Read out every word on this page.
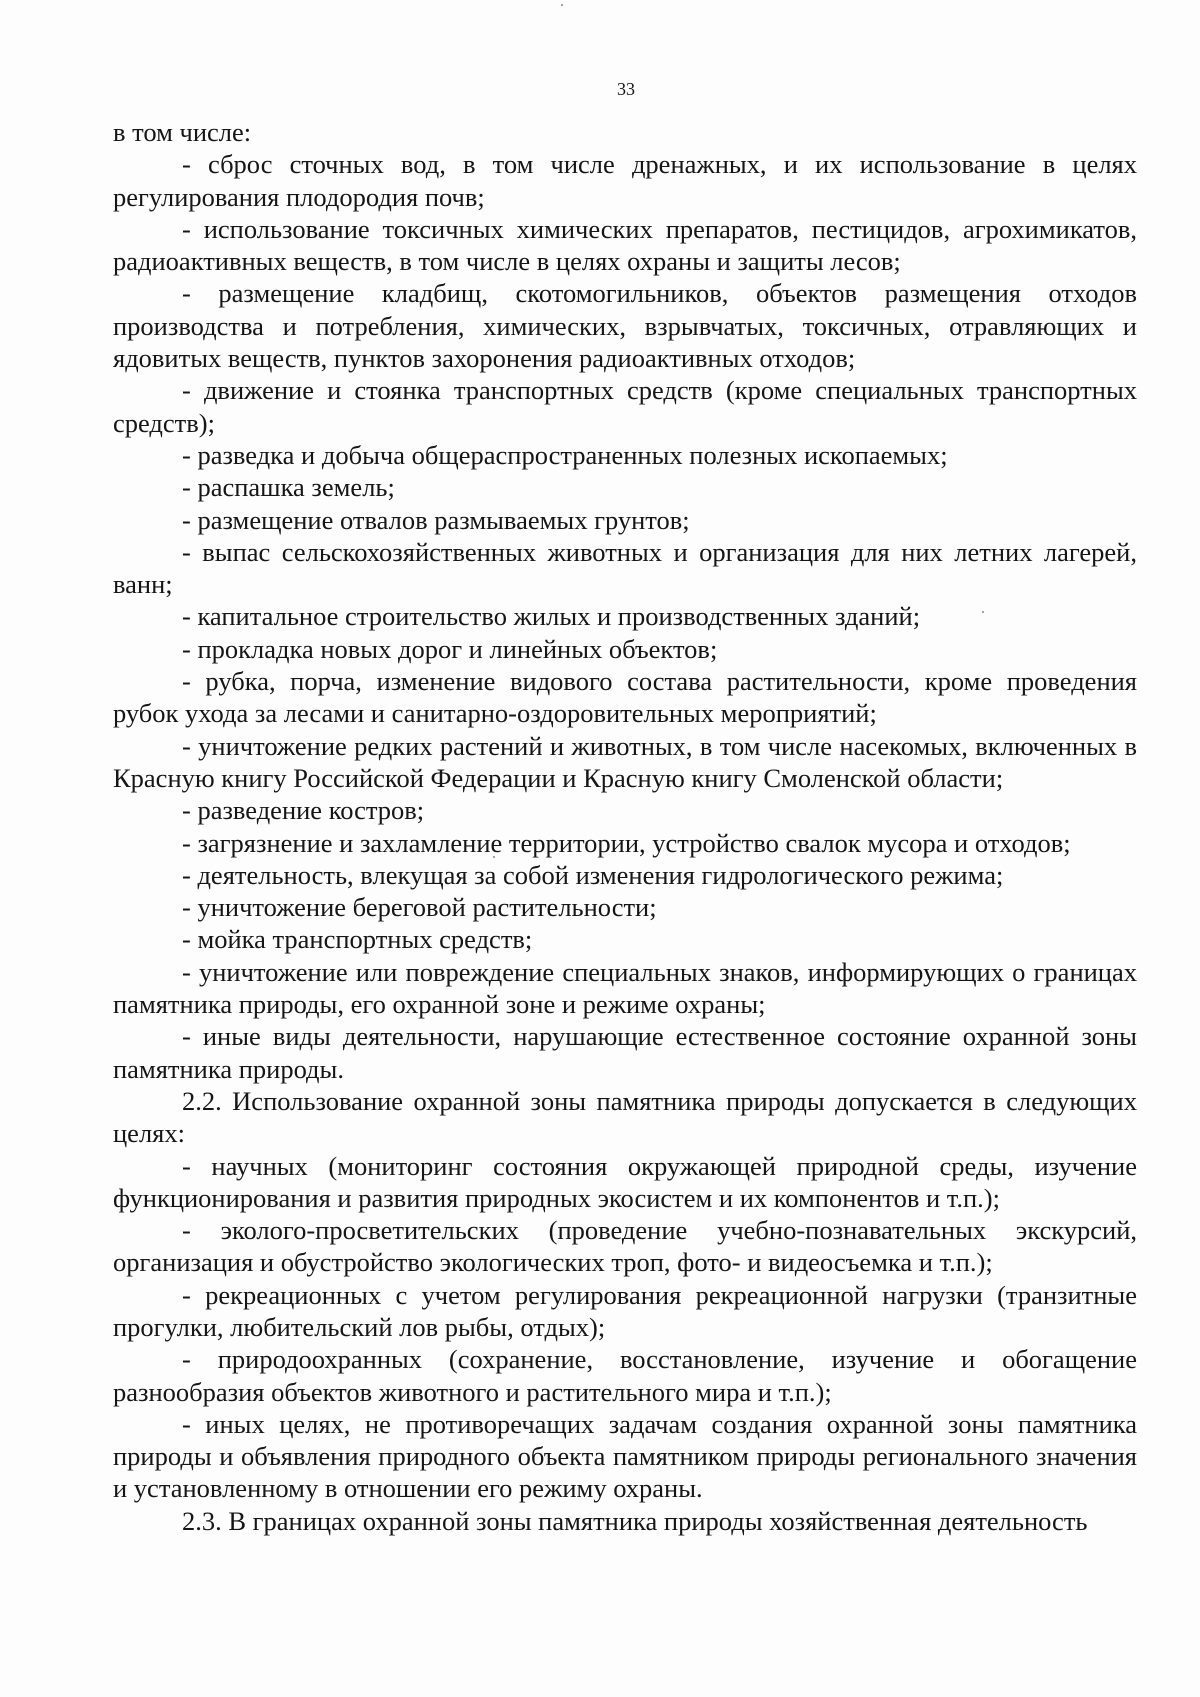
33

в том числе:

- сброс сточных вод, в том числе дренажных, и их использование в целях регулирования плодородия почв;

- использование токсичных химических препаратов, пестицидов, агрохимикатов, радиоактивных веществ, в том числе в целях охраны и защиты лесов;

- размещение кладбищ, скотомогильников, объектов размещения отходов производства и потребления, химических, взрывчатых, токсичных, отравляющих и ядовитых веществ, пунктов захоронения радиоактивных отходов;

- движение и стоянка транспортных средств (кроме специальных транспортных средств);

- разведка и добыча общераспространенных полезных ископаемых;

- распашка земель;

- размещение отвалов размываемых грунтов;

- выпас сельскохозяйственных животных и организация для них летних лагерей, ванн;

- капитальное строительство жилых и производственных зданий;

- прокладка новых дорог и линейных объектов;

- рубка, порча, изменение видового состава растительности, кроме проведения рубок ухода за лесами и санитарно-оздоровительных мероприятий;

- уничтожение редких растений и животных, в том числе насекомых, включенных в Красную книгу Российской Федерации и Красную книгу Смоленской области;

- разведение костров;

- загрязнение и захламление территории, устройство свалок мусора и отходов;

- деятельность, влекущая за собой изменения гидрологического режима;

- уничтожение береговой растительности;

- мойка транспортных средств;

- уничтожение или повреждение специальных знаков, информирующих о границах памятника природы, его охранной зоне и режиме охраны;

- иные виды деятельности, нарушающие естественное состояние охранной зоны памятника природы.

2.2. Использование охранной зоны памятника природы допускается в следующих целях:

- научных (мониторинг состояния окружающей природной среды, изучение функционирования и развития природных экосистем и их компонентов и т.п.);

- эколого-просветительских (проведение учебно-познавательных экскурсий, организация и обустройство экологических троп, фото- и видеосъемка и т.п.);

- рекреационных с учетом регулирования рекреационной нагрузки (транзитные прогулки, любительский лов рыбы, отдых);

- природоохранных (сохранение, восстановление, изучение и обогащение разнообразия объектов животного и растительного мира и т.п.);

- иных целях, не противоречащих задачам создания охранной зоны памятника природы и объявления природного объекта памятником природы регионального значения и установленному в отношении его режиму охраны.

2.3. В границах охранной зоны памятника природы хозяйственная деятельность
